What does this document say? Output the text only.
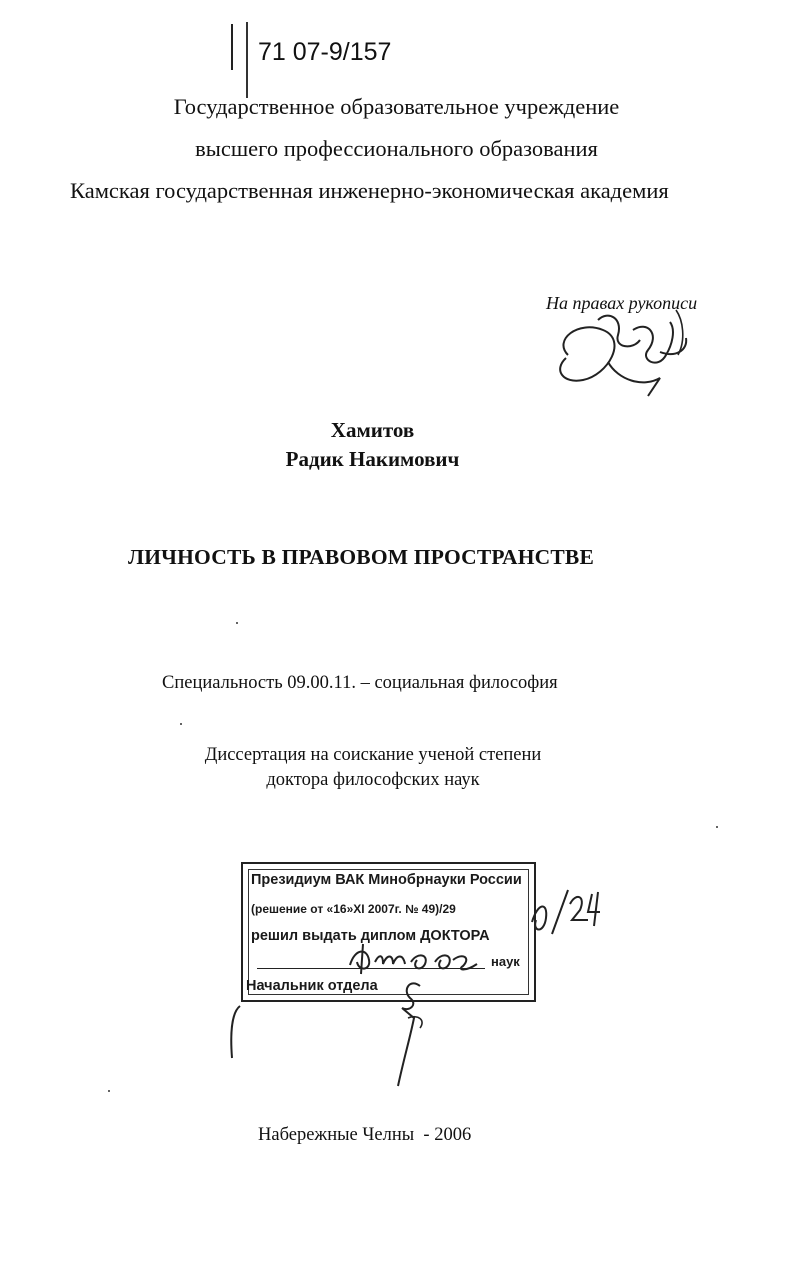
71 07-9/157
Государственное образовательное учреждение
высшего профессионального образования
Камская государственная инженерно-экономическая академия
На правах рукописи
Хамитов
Радик Накимович
ЛИЧНОСТЬ В ПРАВОВОМ ПРОСТРАНСТВЕ
Специальность 09.00.11. – социальная философия
Диссертация на соискание ученой степени
доктора философских наук
Президиум ВАК Минобрнауки России
(решение от «16»XI 2007г. № 49)/29
решил выдать диплом ДОКТОРА
наук
Начальник отдела
Набережные Челны  - 2006
